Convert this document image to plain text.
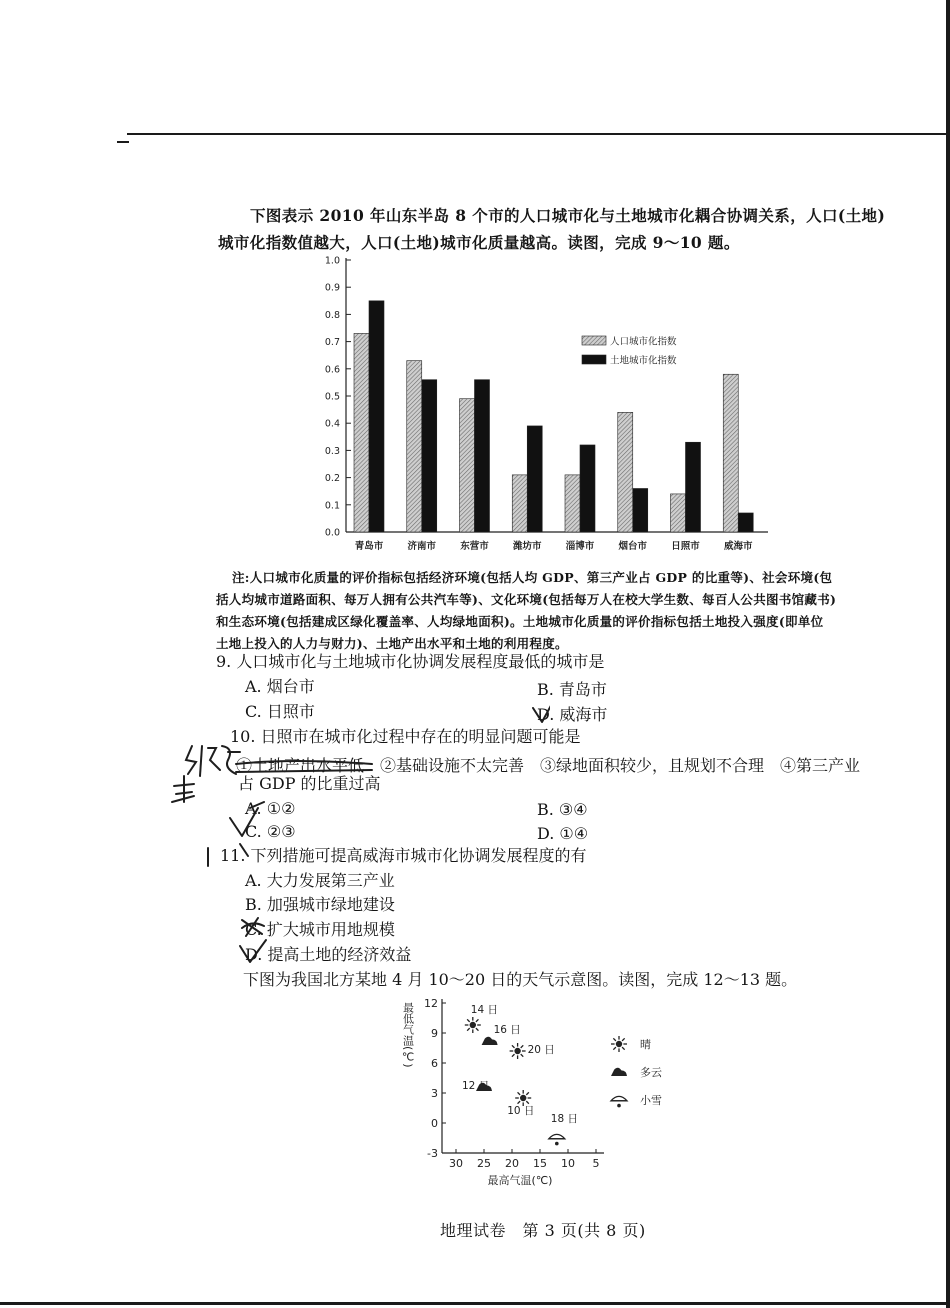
下图表示 2010 年山东半岛 8 个市的人口城市化与土地城市化耦合协调关系，人口(土地)
城市化指数值越大，人口(土地)城市化质量越高。读图，完成 9～10 题。
0.0
0.1
0.2
0.3
0.4
0.5
0.6
0.7
0.8
0.9
1.0
青岛市	济南市	东营市	潍坊市	淄博市	烟台市	日照市	威海市
人口城市化指数
土地城市化指数
注:人口城市化质量的评价指标包括经济环境(包括人均 GDP、第三产业占 GDP 的比重等)、社会环境(包
括人均城市道路面积、每万人拥有公共汽车等)、文化环境(包括每万人在校大学生数、每百人公共图书馆藏书)
和生态环境(包括建成区绿化覆盖率、人均绿地面积)。土地城市化质量的评价指标包括土地投入强度(即单位
土地上投入的人力与财力)、土地产出水平和土地的利用程度。
9. 人口城市化与土地城市化协调发展程度最低的城市是
A. 烟台市	B. 青岛市
C. 日照市	D. 威海市
10. 日照市在城市化过程中存在的明显问题可能是
①土地产出水平低　②基础设施不太完善　③绿地面积较少，且规划不合理　④第三产业
占 GDP 的比重过高
A. ①②	B. ③④
C. ②③	D. ①④
11. 下列措施可提高威海市城市化协调发展程度的有
A. 大力发展第三产业
B. 加强城市绿地建设
C. 扩大城市用地规模
D. 提高土地的经济效益
下图为我国北方某地 4 月 10～20 日的天气示意图。读图，完成 12～13 题。
12
9
6
3
0
-3
30 25 20 15 10 5
最低气温(℃)
最高气温(℃)
14 日
16 日
20 日
12 日
10 日
18 日
晴
多云
小雪
地理试卷　第 3 页(共 8 页)
